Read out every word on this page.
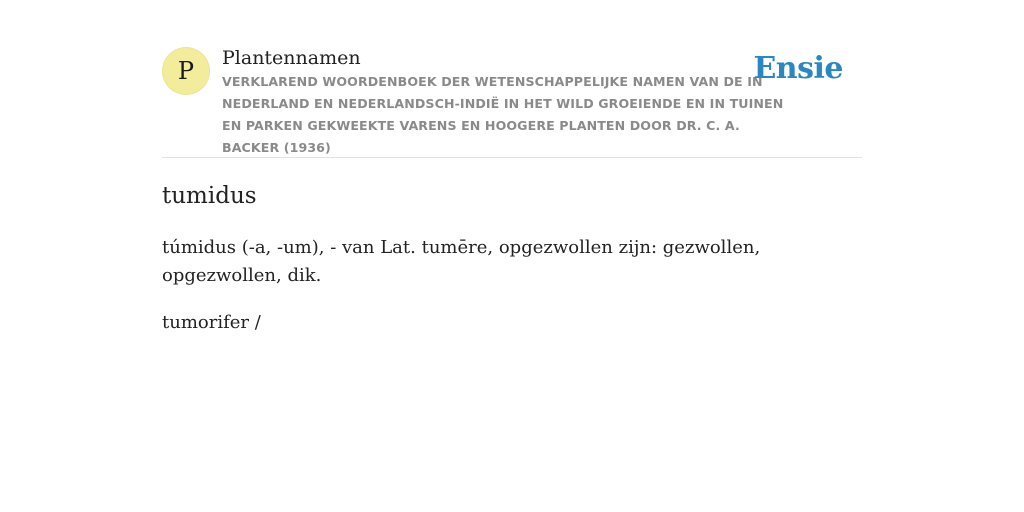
P Plantennamen
VERKLAREND WOORDENBOEK DER WETENSCHAPPELIJKE NAMEN VAN DE IN NEDERLAND EN NEDERLANDSCH-INDIË IN HET WILD GROEIENDE EN IN TUINEN EN PARKEN GEKWEEKTE VARENS EN HOOGERE PLANTEN DOOR DR. C. A. BACKER (1936)
Ensie
tumidus

túmidus (-a, -um), - van Lat. tumēre, opgezwollen zijn: gezwollen, opgezwollen, dik.

tumorifer /
